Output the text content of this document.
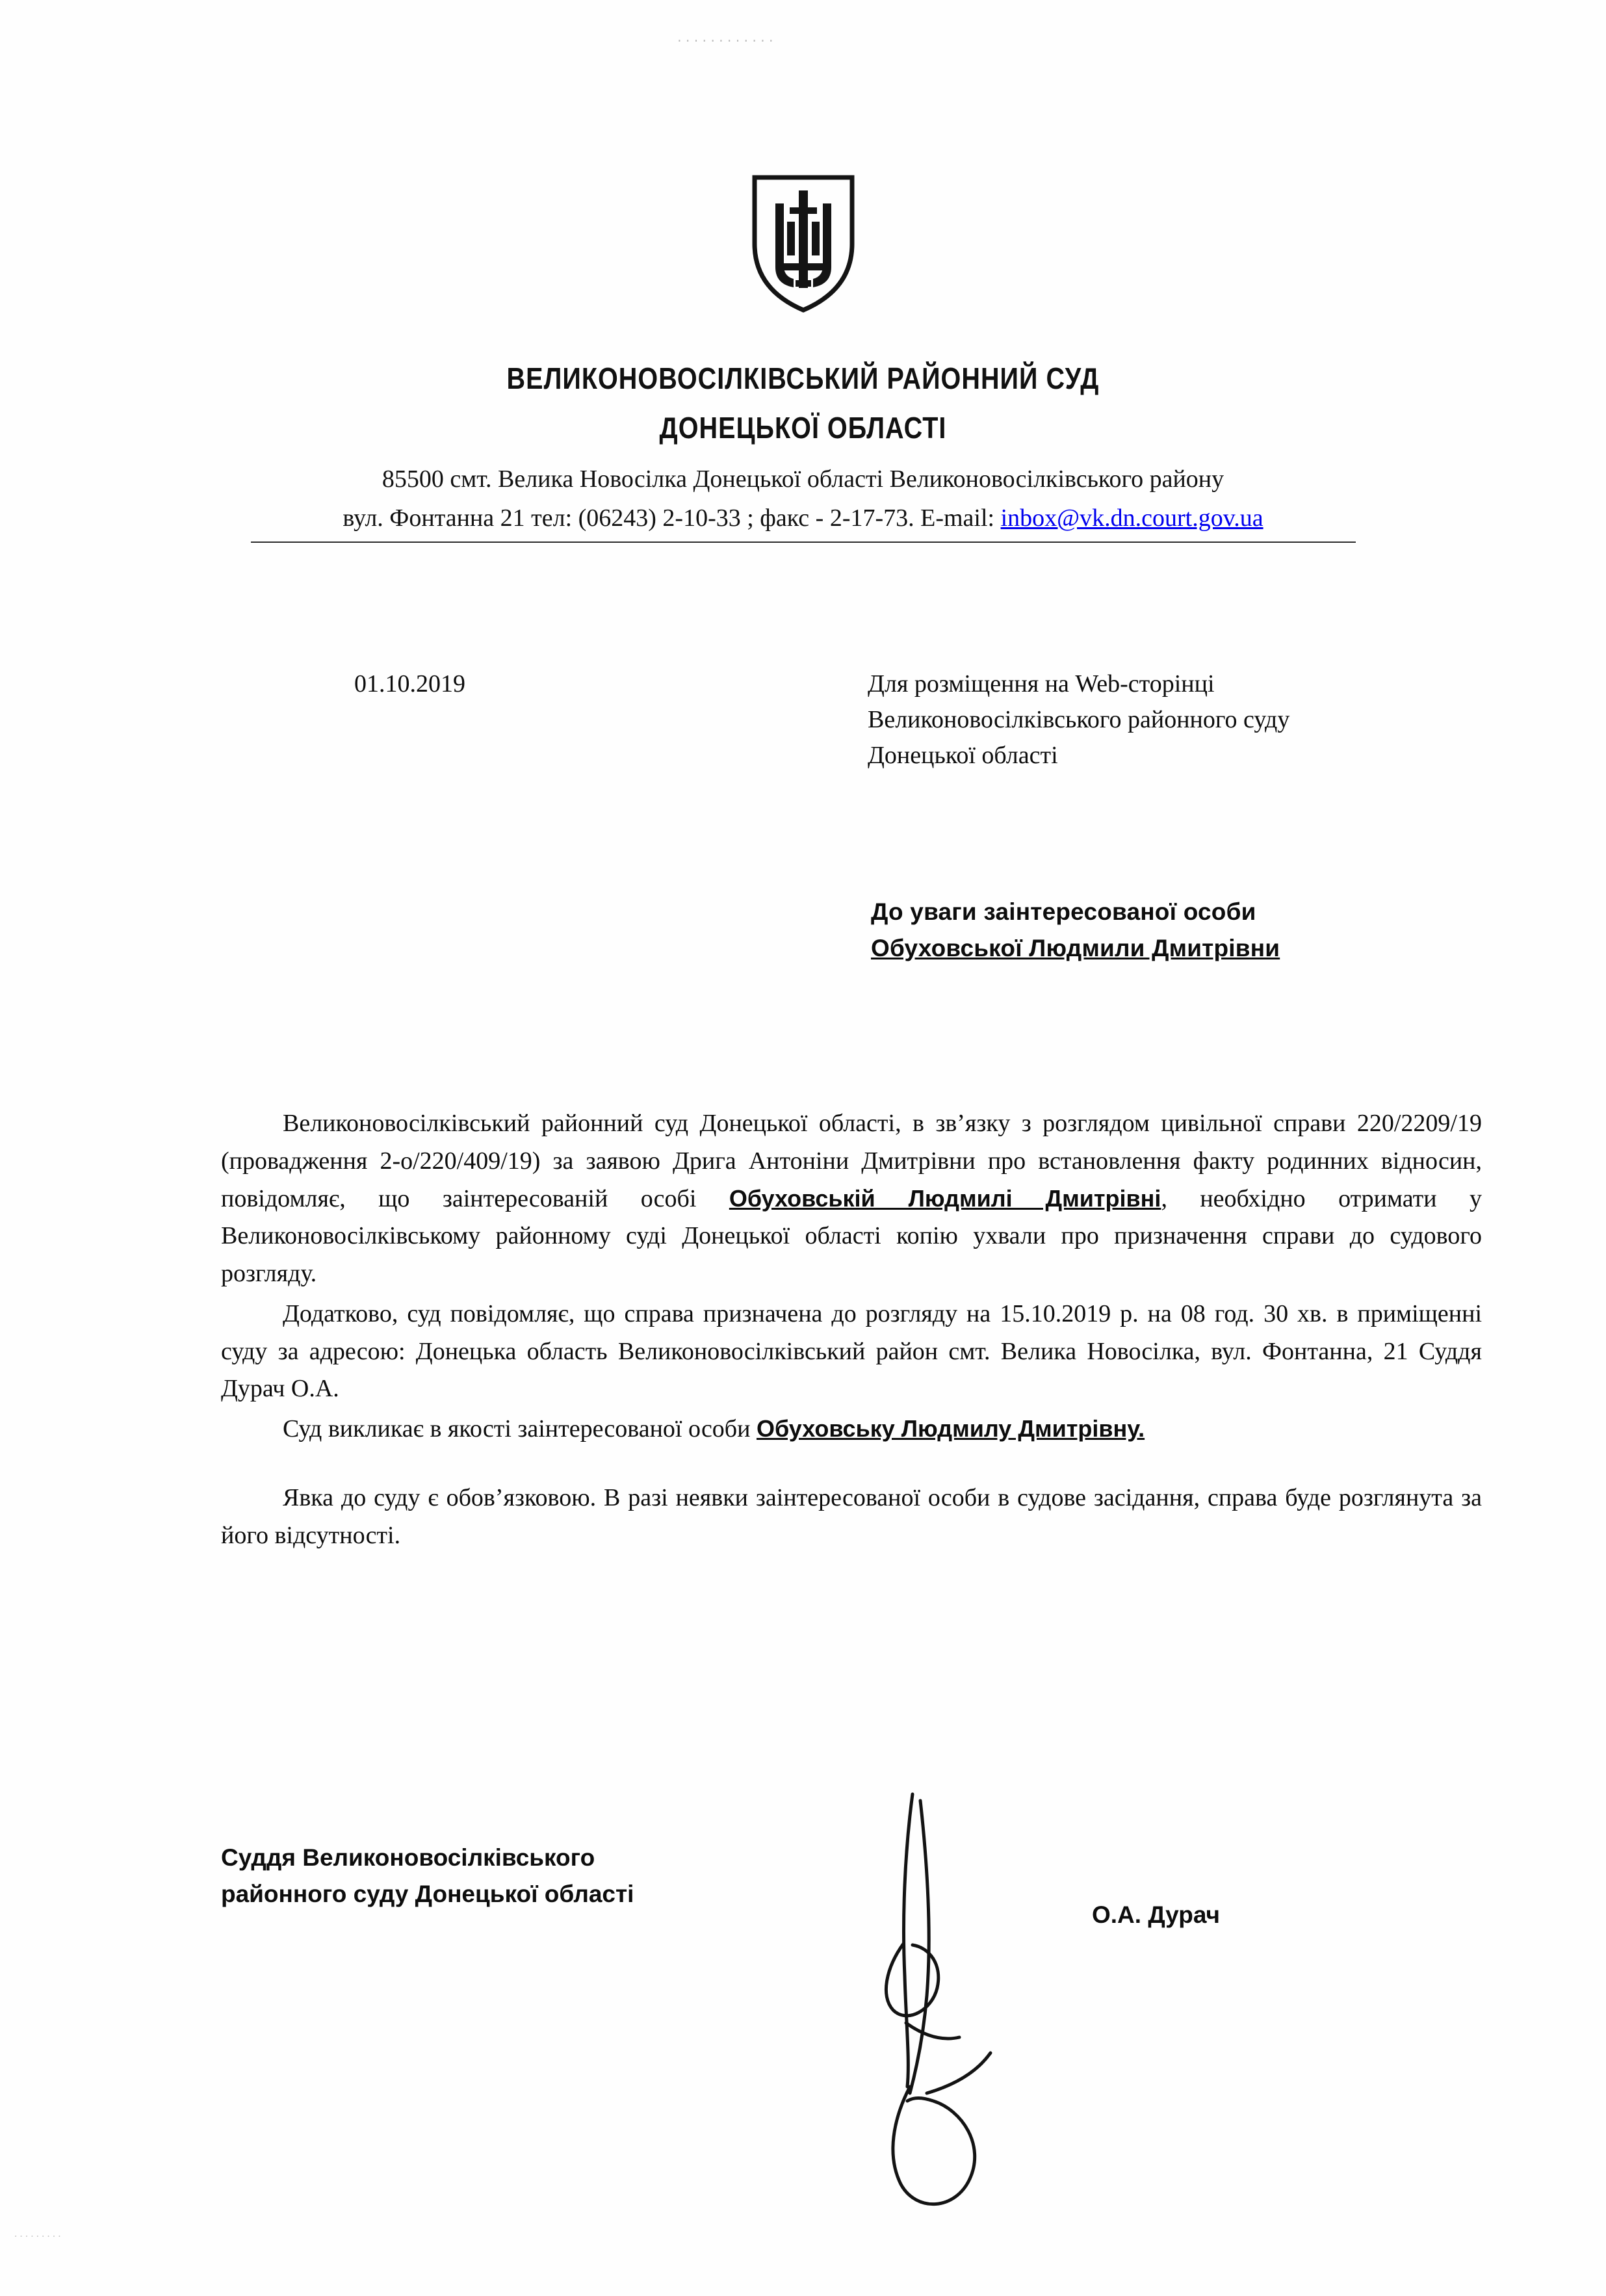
............
ВЕЛИКОНОВОСІЛКІВСЬКИЙ РАЙОННИЙ СУД
ДОНЕЦЬКОЇ ОБЛАСТІ
85500 смт. Велика Новосілка Донецької області Великоновосілківського району
вул. Фонтанна 21 тел: (06243) 2-10-33 ; факс - 2-17-73. E-mail: inbox@vk.dn.court.gov.ua
01.10.2019	Для розміщення на Web-сторінці
Великоновосілківського районного суду
Донецької області
До уваги заінтересованої особи
Обуховської Людмили Дмитрівни

Великоновосілківський районний суд Донецької області, в зв’язку з розглядом цивільної справи 220/2209/19 (провадження 2-о/220/409/19) за заявою Дрига Антоніни Дмитрівни про встановлення факту родинних відносин, повідомляє, що заінтересованій особі Обуховській Людмилі Дмитрівні, необхідно отримати у Великоновосілківському районному суді Донецької області копію ухвали про призначення справи до судового розгляду.

Додатково, суд повідомляє, що справа призначена до розгляду на 15.10.2019 р. на 08 год. 30 хв. в приміщенні суду за адресою: Донецька область Великоновосілківський район смт. Велика Новосілка, вул. Фонтанна, 21 Суддя Дурач О.А.

Суд викликає в якості заінтересованої особи Обуховську Людмилу Дмитрівну.

Явка до суду є обов’язковою. В разі неявки заінтересованої особи в судове засідання, справа буде розглянута за його відсутності.

Суддя Великоновосілківського
районного суду Донецької області
О.А. Дурач
.........
